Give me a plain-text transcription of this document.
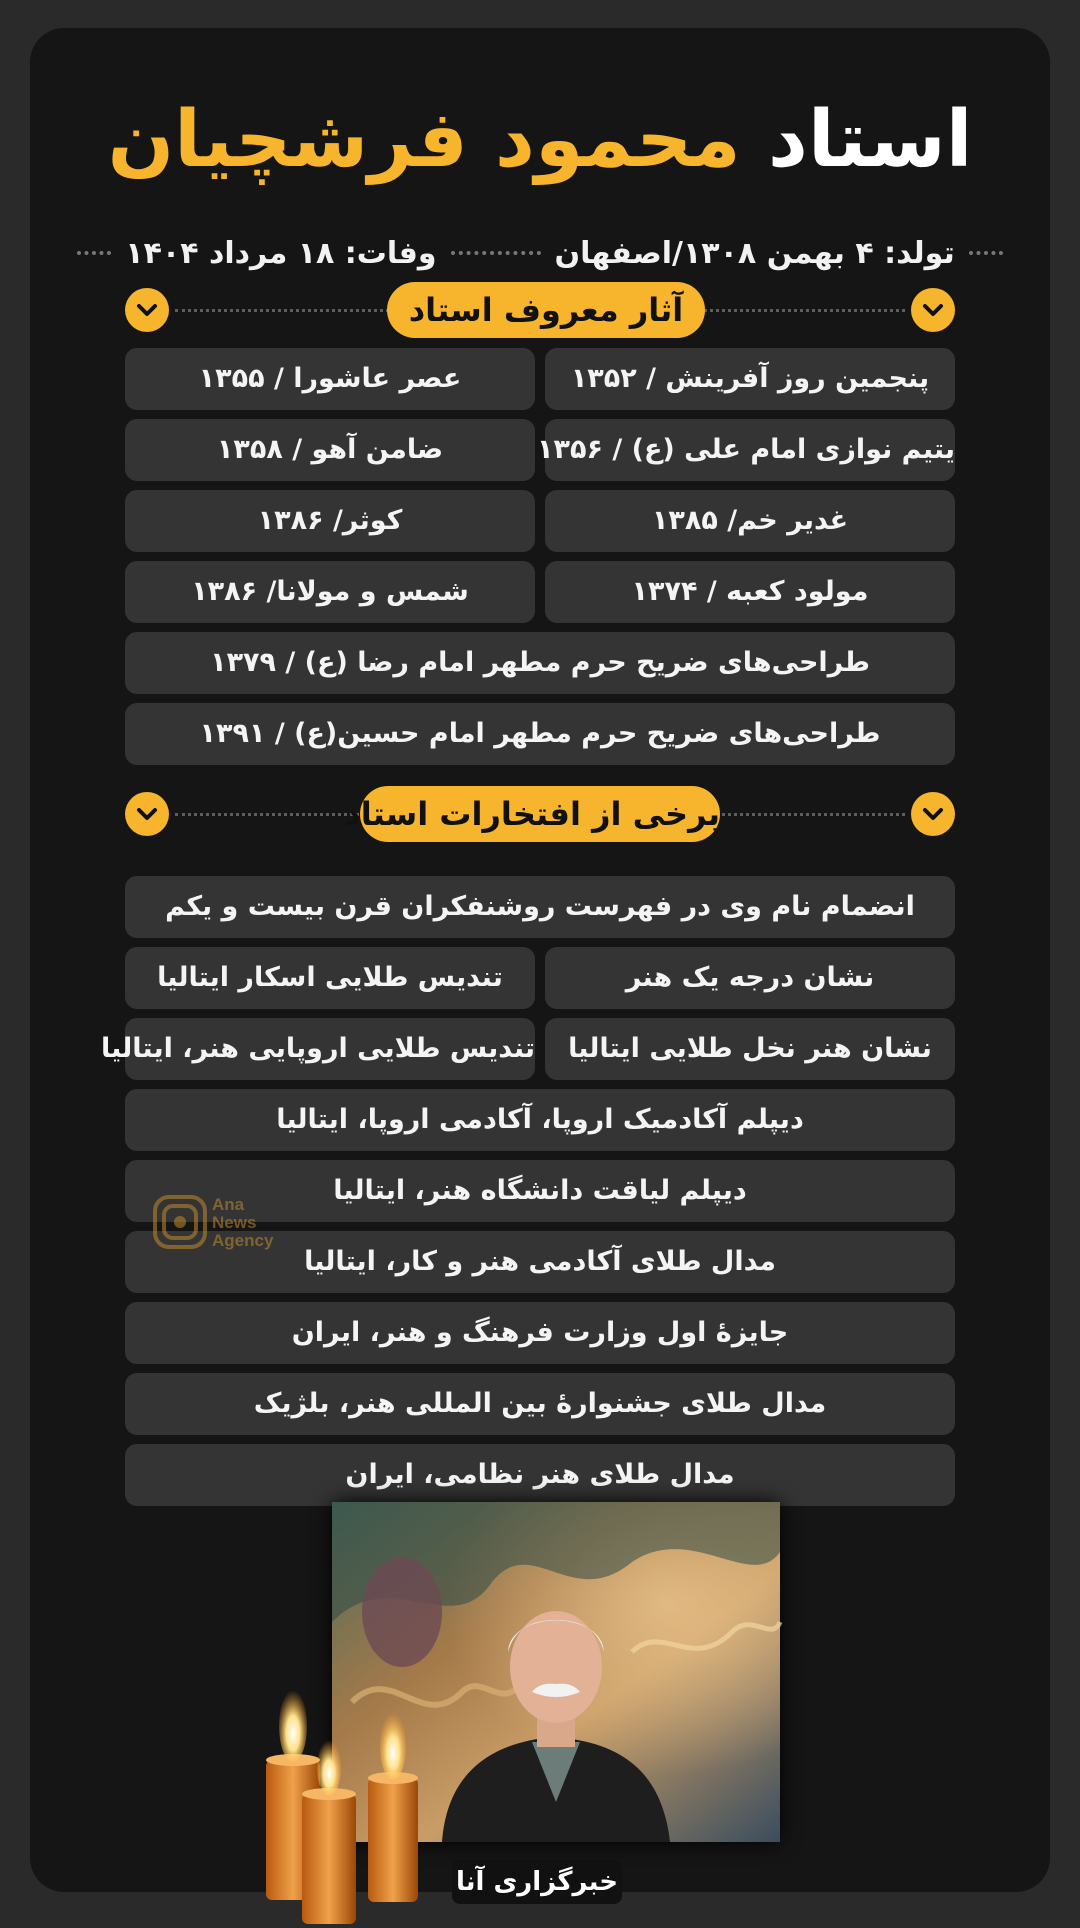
استاد محمود فرشچیان
تولد: ۴ بهمن ۱۳۰۸/اصفهان
وفات: ۱۸ مرداد ۱۴۰۴
آثار معروف استاد
پنجمین روز آفرینش / ۱۳۵۲
عصر عاشورا / ۱۳۵۵
یتیم نوازی امام علی (ع) / ۱۳۵۶
ضامن آهو / ۱۳۵۸
غدیر خم/ ۱۳۸۵
کوثر/ ۱۳۸۶
مولود کعبه / ۱۳۷۴
شمس و مولانا/ ۱۳۸۶
طراحی‌های ضریح حرم مطهر امام رضا (ع) / ۱۳۷۹
طراحی‌های ضریح حرم مطهر امام حسین(ع) / ۱۳۹۱
برخی از افتخارات استاد
انضمام نام وی در فهرست روشنفکران قرن بیست و یکم
نشان درجه یک هنر
تندیس طلایی اسکار ایتالیا
نشان هنر نخل طلایی ایتالیا
تندیس طلایی اروپایی هنر، ایتالیا
دیپلم آکادمیک اروپا، آکادمی اروپا، ایتالیا
دیپلم لیاقت دانشگاه هنر، ایتالیا
مدال طلای آکادمی هنر و کار، ایتالیا
جایزهٔ اول وزارت فرهنگ و هنر، ایران
مدال طلای جشنوارهٔ بین المللی هنر، بلژیک
مدال طلای هنر نظامی، ایران
Ana
News
Agency
خبرگزاری آنا
